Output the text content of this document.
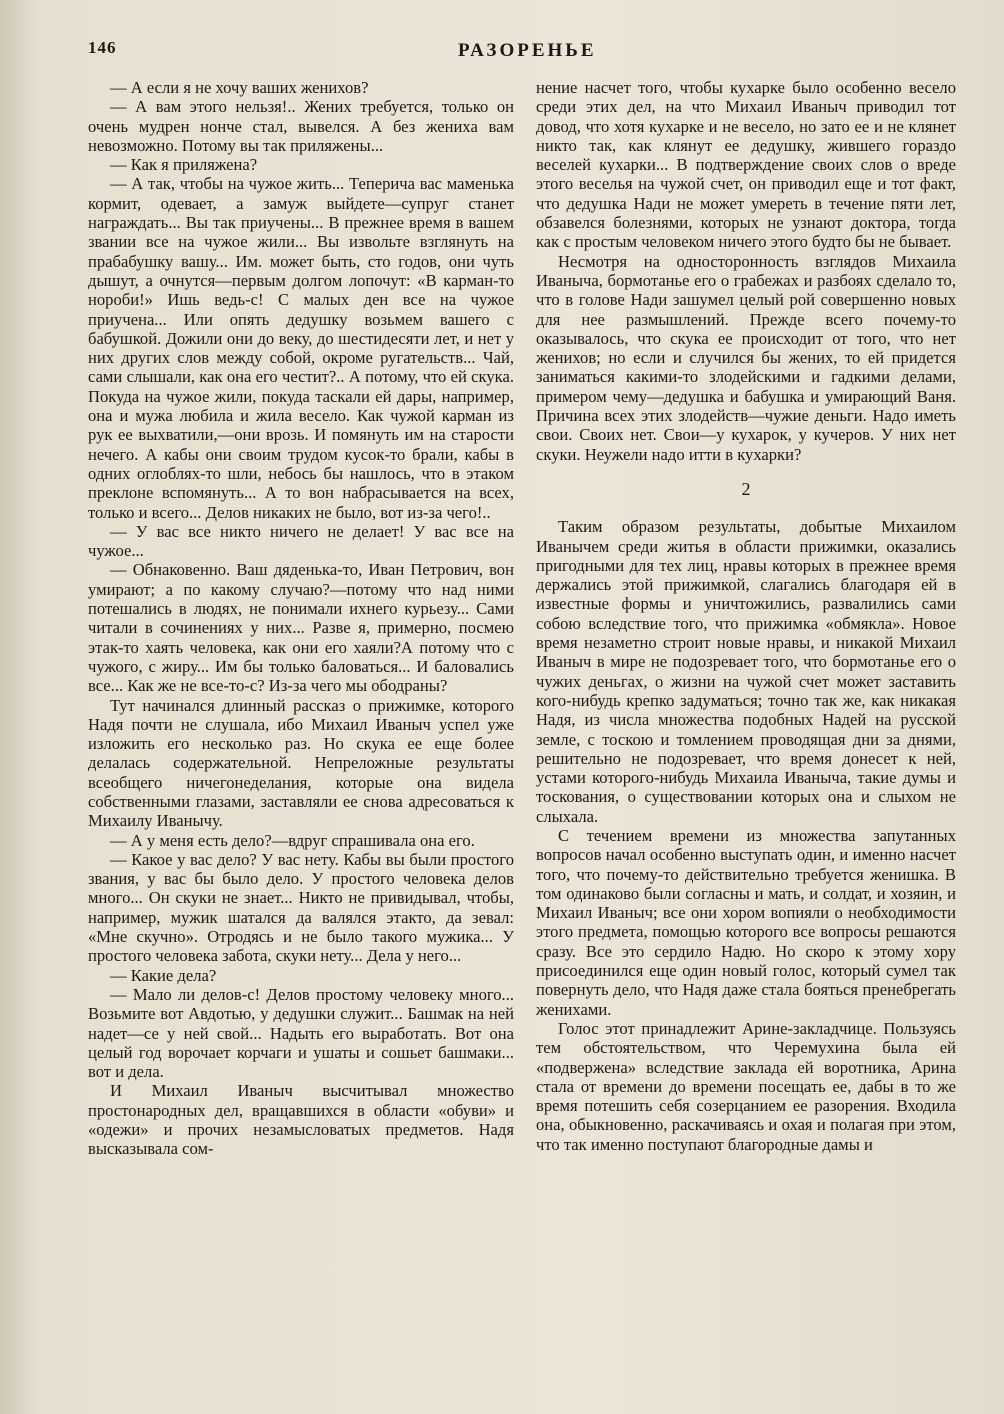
146	РАЗОРЕНЬЕ

— А если я не хочу ваших женихов?

— А вам этого нельзя!.. Жених требуется, только он очень мудрен нонче стал, вывелся. А без жениха вам невозможно. Потому вы так приляжены...

— Как я приляжена?

— А так, чтобы на чужое жить... Теперича вас маменька кормит, одевает, а замуж выйдете—супруг станет награждать... Вы так приучены... В прежнее время в вашем звании все на чужое жили... Вы извольте взглянуть на прабабушку вашу... Им. может быть, сто годов, они чуть дышут, а очнутся—первым долгом лопочут: «В карман-то нороби!» Ишь ведь-с! С малых ден все на чужое приучена... Или опять дедушку возьмем вашего с бабушкой. Дожили они до веку, до шестидесяти лет, и нет у них других слов между собой, окроме ругательств... Чай, сами слышали, как она его честит?.. А потому, что ей скука. Покуда на чужое жили, покуда таскали ей дары, например, она и мужа любила и жила весело. Как чужой карман из рук ее выхватили,—они врозь. И помянуть им на старости нечего. А кабы они своим трудом кусок-то брали, кабы в одних оглоблях-то шли, небось бы нашлось, что в этаком преклоне вспомянуть... А то вон набрасывается на всех, только и всего... Делов никаких не было, вот из-за чего!..

— У вас все никто ничего не делает! У вас все на чужое...

— Обнаковенно. Ваш дяденька-то, Иван Петрович, вон умирают; а по какому случаю?—потому что над ними потешались в людях, не понимали ихнего курьезу... Сами читали в сочинениях у них... Разве я, примерно, посмею этак-то хаять человека, как они его хаяли?А потому что с чужого, с жиру... Им бы только баловаться... И баловались все... Как же не все-то-с? Из-за чего мы ободраны?

Тут начинался длинный рассказ о прижимке, которого Надя почти не слушала, ибо Михаил Иваныч успел уже изложить его несколько раз. Но скука ее еще более делалась содержательной. Непреложные результаты всеобщего ничегонеделания, которые она видела собственными глазами, заставляли ее снова адресоваться к Михаилу Иванычу.

— А у меня есть дело?—вдруг спрашивала она его.

— Какое у вас дело? У вас нету. Кабы вы были простого звания, у вас бы было дело. У простого человека делов много... Он скуки не знает... Никто не привидывал, чтобы, например, мужик шатался да валялся этакто, да зевал: «Мне скучно». Отродясь и не было такого мужика... У простого человека забота, скуки нету... Дела у него...

— Какие дела?

— Мало ли делов-с! Делов простому человеку много... Возьмите вот Авдотью, у дедушки служит... Башмак на ней надет—се у ней свой... Надыть его выработать. Вот она целый год ворочает корчаги и ушаты и сошьет башмаки... вот и дела.

И Михаил Иваныч высчитывал множество простонародных дел, вращавшихся в области «обуви» и «одежи» и прочих незамысловатых предметов. Надя высказывала сом-

нение насчет того, чтобы кухарке было особенно весело среди этих дел, на что Михаил Иваныч приводил тот довод, что хотя кухарке и не весело, но зато ее и не клянет никто так, как клянут ее дедушку, жившего гораздо веселей кухарки... В подтверждение своих слов о вреде этого веселья на чужой счет, он приводил еще и тот факт, что дедушка Нади не может умереть в течение пяти лет, обзавелся болезнями, которых не узнают доктора, тогда как с простым человеком ничего этого будто бы не бывает.

Несмотря на односторонность взглядов Михаила Иваныча, бормотанье его о грабежах и разбоях сделало то, что в голове Нади зашумел целый рой совершенно новых для нее размышлений. Прежде всего почему-то оказывалось, что скука ее происходит от того, что нет женихов; но если и случился бы жених, то ей придется заниматься какими-то злодейскими и гадкими делами, примером чему—дедушка и бабушка и умирающий Ваня. Причина всех этих злодейств—чужие деньги. Надо иметь свои. Своих нет. Свои—у кухарок, у кучеров. У них нет скуки. Неужели надо итти в кухарки?

2

Таким образом результаты, добытые Михаилом Иванычем среди житья в области прижимки, оказались пригодными для тех лиц, нравы которых в прежнее время держались этой прижимкой, слагались благодаря ей в известные формы и уничтожились, развалились сами собою вследствие того, что прижимка «обмякла». Новое время незаметно строит новые нравы, и никакой Михаил Иваныч в мире не подозревает того, что бормотанье его о чужих деньгах, о жизни на чужой счет может заставить кого-нибудь крепко задуматься; точно так же, как никакая Надя, из числа множества подобных Надей на русской земле, с тоскою и томлением проводящая дни за днями, решительно не подозревает, что время донесет к ней, устами которого-нибудь Михаила Иваныча, такие думы и тоскования, о существовании которых она и слыхом не слыхала.

С течением времени из множества запутанных вопросов начал особенно выступать один, и именно насчет того, что почему-то действительно требуется женишка. В том одинаково были согласны и мать, и солдат, и хозяин, и Михаил Иваныч; все они хором вопияли о необходимости этого предмета, помощью которого все вопросы решаются сразу. Все это сердило Надю. Но скоро к этому хору присоединился еще один новый голос, который сумел так повернуть дело, что Надя даже стала бояться пренебрегать женихами.

Голос этот принадлежит Арине-закладчице. Пользуясь тем обстоятельством, что Черемухина была ей «подвержена» вследствие заклада ей воротника, Арина стала от времени до времени посещать ее, дабы в то же время потешить себя созерцанием ее разорения. Входила она, обыкновенно, раскачиваясь и охая и полагая при этом, что так именно поступают благородные дамы и
